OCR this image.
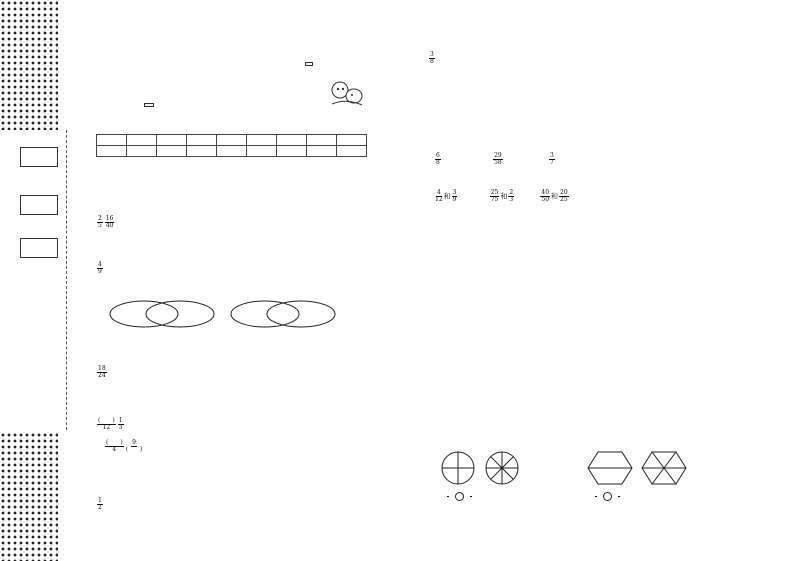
$\frac{2}{5} \frac{16}{40}$
$\frac{4}{9}$
$\frac{18}{24}$
(　　)
$12 \frac{1}{3}$
(　　)
4
9
(　　)
$\frac{1}{2}$
$\frac{3}{8}$
$\frac{6}{8}$
	$\frac{29}{58}$
	$\frac{3}{7}$
$\frac{4}{12}$ 和 $\frac{3}{9}$
	$\frac{25}{75}$ 和 $\frac{2}{3}$
	$\frac{40}{50}$ 和 $\frac{20}{25}$
